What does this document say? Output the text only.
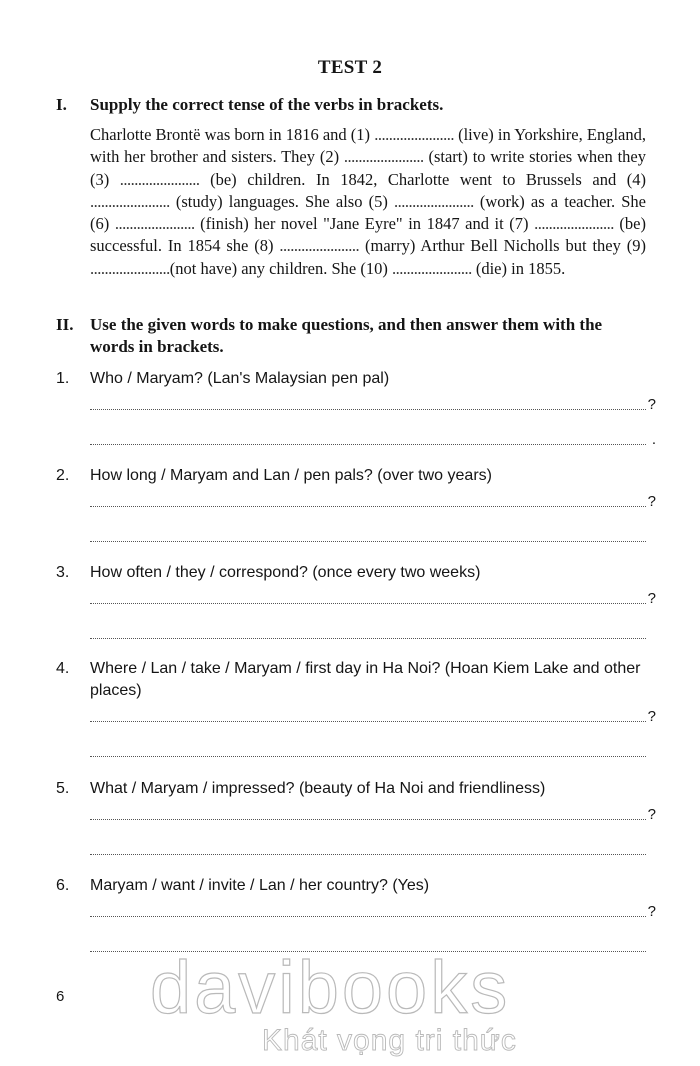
TEST 2
I. Supply the correct tense of the verbs in brackets.
Charlotte Brontë was born in 1816 and (1) ...................... (live) in Yorkshire, England, with her brother and sisters. They (2) ...................... (start) to write stories when they (3) ...................... (be) children. In 1842, Charlotte went to Brussels and (4) ...................... (study) languages. She also (5) ...................... (work) as a teacher. She (6) ...................... (finish) her novel "Jane Eyre" in 1847 and it (7) ...................... (be) successful. In 1854 she (8) ...................... (marry) Arthur Bell Nicholls but they (9) ......................(not have) any children. She (10) ...................... (die) in 1855.
II. Use the given words to make questions, and then answer them with the words in brackets.
1. Who / Maryam? (Lan's Malaysian pen pal)
?
.
2. How long / Maryam and Lan / pen pals? (over two years)
?
3. How often / they / correspond? (once every two weeks)
?
4. Where / Lan / take / Maryam / first day in Ha Noi? (Hoan Kiem Lake and other places)
?
5. What / Maryam / impressed? (beauty of Ha Noi and friendliness)
?
6. Maryam / want / invite / Lan / her country? (Yes)
?
6 davibooks
Khát vọng tri thức
